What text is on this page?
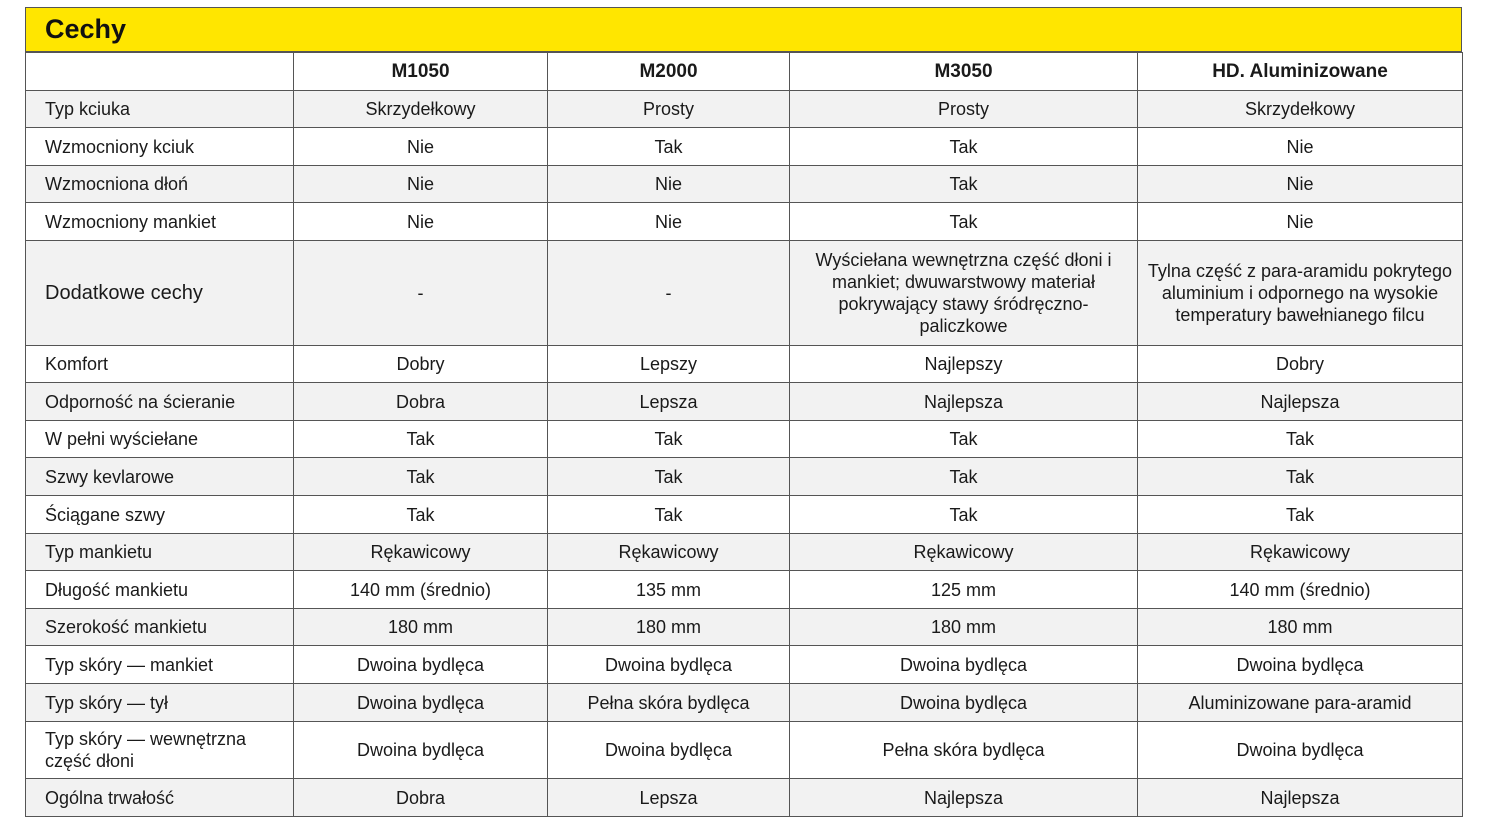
Cechy
	M1050	M2000	M3050	HD. Aluminizowane
Typ kciuka	Skrzydełkowy	Prosty	Prosty	Skrzydełkowy
Wzmocniony kciuk	Nie	Tak	Tak	Nie
Wzmocniona dłoń	Nie	Nie	Tak	Nie
Wzmocniony mankiet	Nie	Nie	Tak	Nie
Dodatkowe cechy	-	-	Wyściełana wewnętrzna część dłoni i mankiet; dwuwarstwowy materiał pokrywający stawy śródręczno-paliczkowe	Tylna część z para-aramidu pokrytego aluminium i odpornego na wysokie temperatury bawełnianego filcu
Komfort	Dobry	Lepszy	Najlepszy	Dobry
Odporność na ścieranie	Dobra	Lepsza	Najlepsza	Najlepsza
W pełni wyściełane	Tak	Tak	Tak	Tak
Szwy kevlarowe	Tak	Tak	Tak	Tak
Ściągane szwy	Tak	Tak	Tak	Tak
Typ mankietu	Rękawicowy	Rękawicowy	Rękawicowy	Rękawicowy
Długość mankietu	140 mm (średnio)	135 mm	125 mm	140 mm (średnio)
Szerokość mankietu	180 mm	180 mm	180 mm	180 mm
Typ skóry — mankiet	Dwoina bydlęca	Dwoina bydlęca	Dwoina bydlęca	Dwoina bydlęca
Typ skóry — tył	Dwoina bydlęca	Pełna skóra bydlęca	Dwoina bydlęca	Aluminizowane para-aramid
Typ skóry — wewnętrzna część dłoni	Dwoina bydlęca	Dwoina bydlęca	Pełna skóra bydlęca	Dwoina bydlęca
Ogólna trwałość	Dobra	Lepsza	Najlepsza	Najlepsza
